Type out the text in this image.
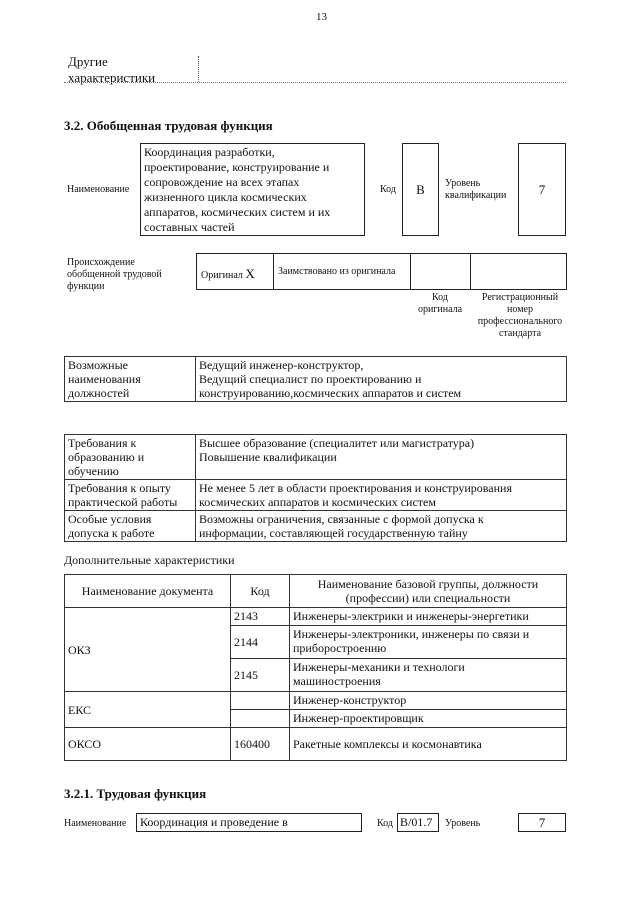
13
Другие
характеристики
3.2. Обобщенная трудовая функция
Наименование
Координация разработки,
проектирование, конструирование и
сопровождение на всех этапах
жизненного цикла космических
аппаратов, космических систем и их
составных частей
Код	B	Уровень
квалификации	7
Происхождение
обобщенной трудовой
функции
Оригинал X Заимствовано из оригинала
Код
оригинала
Регистрационный
номер
профессионального
стандарта
Возможные
наименования
должностей	Ведущий инженер-конструктор,
Ведущий специалист по проектированию и
конструированию,космических аппаратов и систем
Требования к
образованию и
обучению	Высшее образование (специалитет или магистратура)
Повышение квалификации
Требования к опыту
практической работы	Не менее 5 лет в области проектирования и конструирования
космических аппаратов и космических систем
Особые условия
допуска к работе	Возможны ограничения, связанные с формой допуска к
информации, составляющей государственную тайну
Дополнительные характеристики
Наименование документа	Код	Наименование базовой группы, должности
(профессии) или специальности
ОКЗ	2143	Инженеры-электрики и инженеры-энергетики
	2144	Инженеры-электроники, инженеры по связи и
приборостроению
	2145	Инженеры-механики и технологи
машиностроения
ЕКС		Инженер-конструктор
		Инженер-проектировщик
ОКСО	160400	Ракетные комплексы и космонавтика
3.2.1. Трудовая функция
Наименование	Координация и проведение в	Код B/01.7	Уровень	7
